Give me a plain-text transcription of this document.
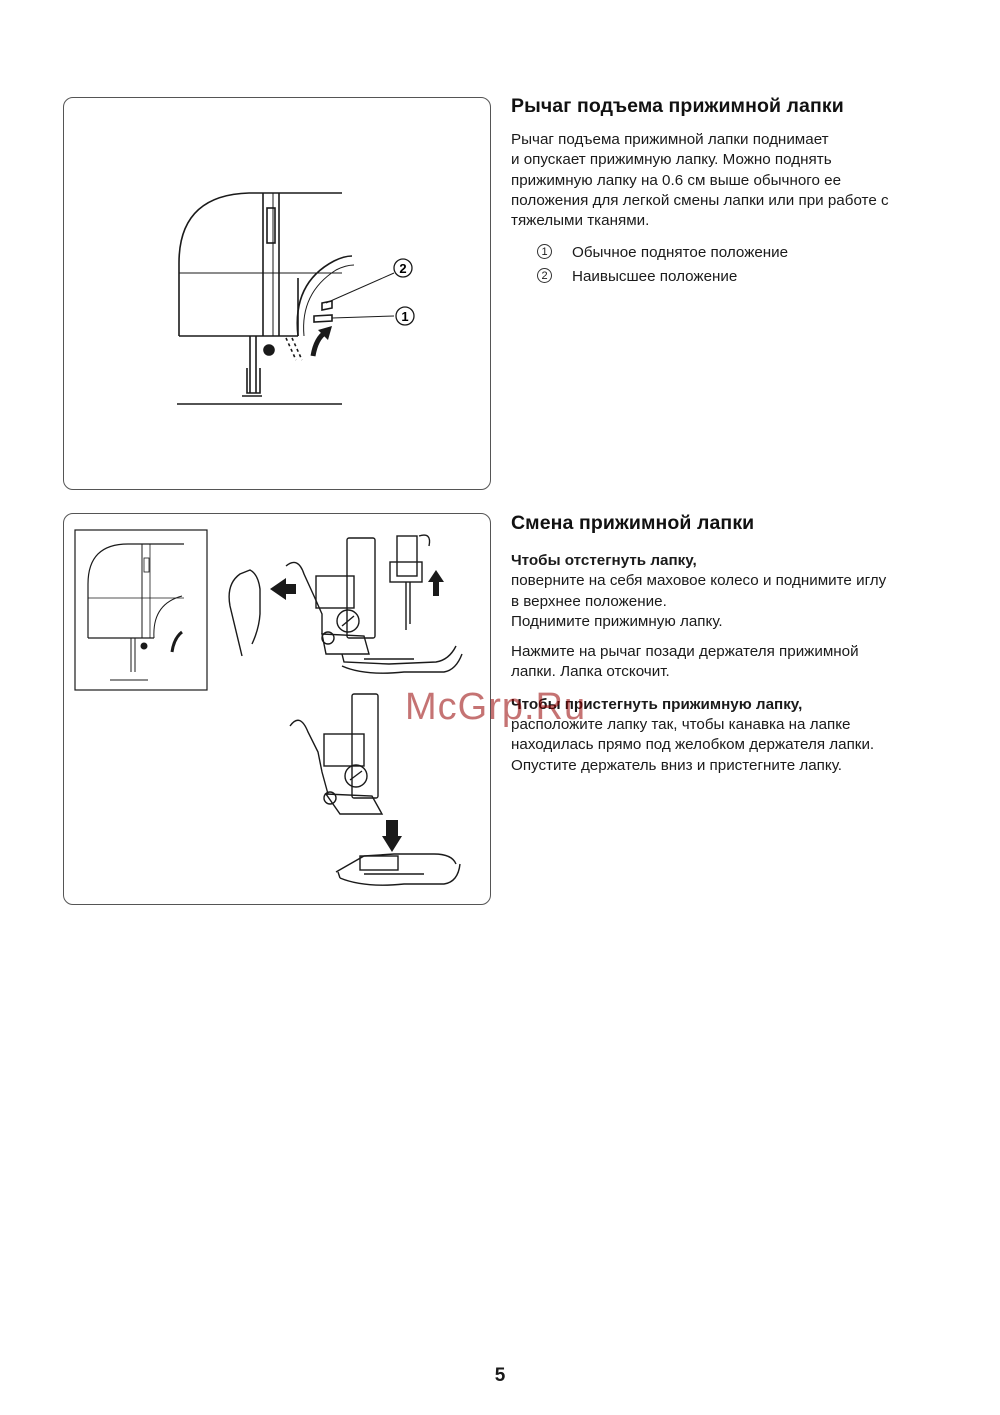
2
1
Рычаг подъема прижимной лапки

Рычаг подъема прижимной лапки поднимает

и опускает прижимную лапку. Можно поднять

прижимную лапку на 0.6 см выше обычного ее

положения для легкой смены лапки или при работе с

тяжелыми тканями.

1 Обычное поднятое положение
2 Наивысшее положение
Смена прижимной лапки

Чтобы отстегнуть лапку,

поверните на себя маховое колесо и поднимите иглу

в верхнее положение.

Поднимите прижимную лапку.

Нажмите на рычаг позади держателя прижимной

лапки. Лапка отскочит.

Чтобы пристегнуть прижимную лапку,

расположите лапку так, чтобы канавка на лапке

находилась прямо под желобком держателя лапки.

Опустите держатель вниз и пристегните лапку.

McGrp.Ru
5
